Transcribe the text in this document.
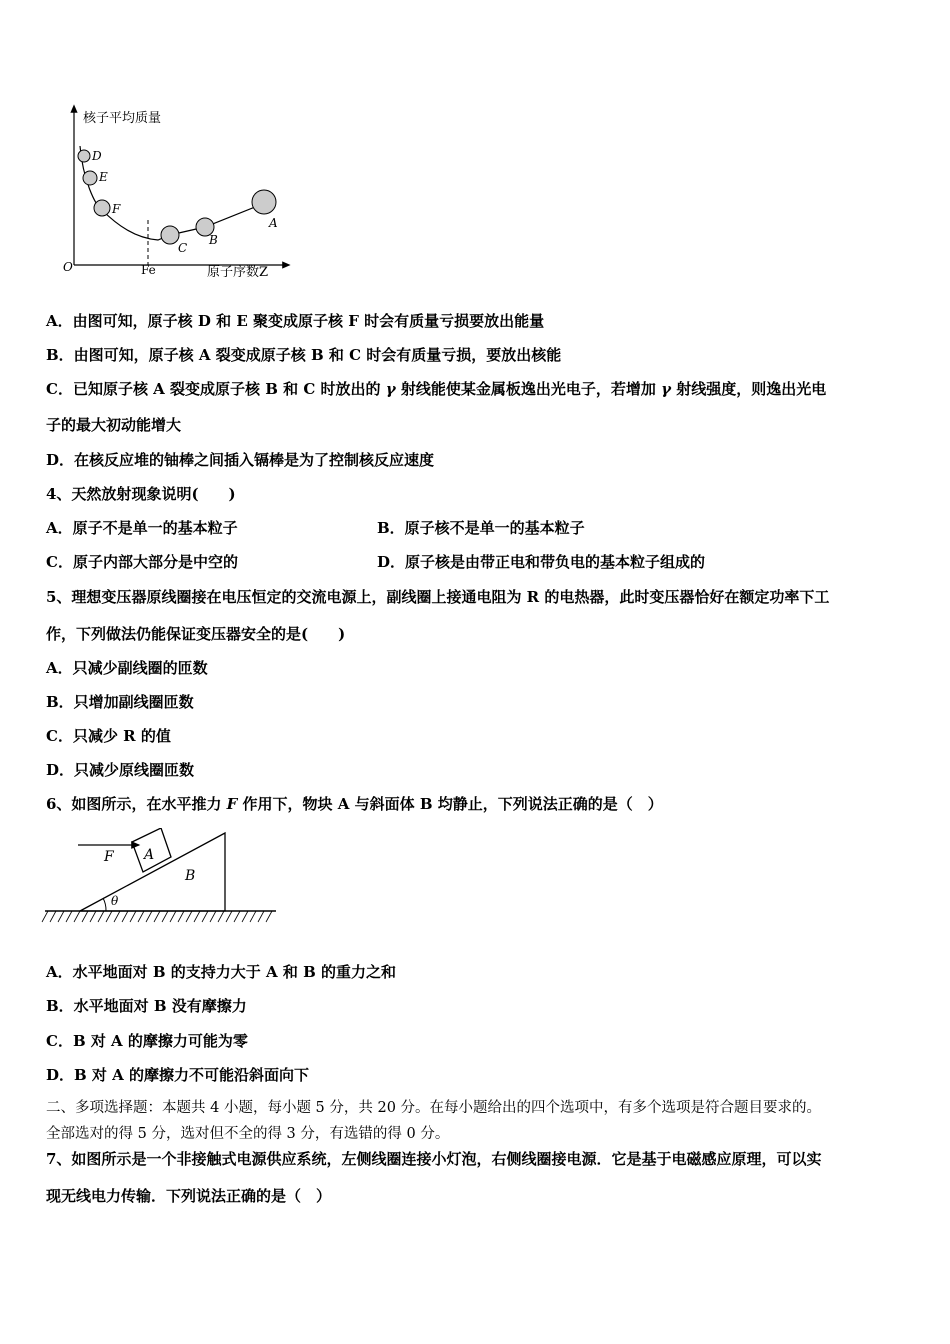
核子平均质量
O	Fe	原子序数Z
D
E
F
C
B
A
A．由图可知，原子核 D 和 E 聚变成原子核 F 时会有质量亏损要放出能量
B．由图可知，原子核 A 裂变成原子核 B 和 C 时会有质量亏损，要放出核能
C．已知原子核 A 裂变成原子核 B 和 C 时放出的 γ 射线能使某金属板逸出光电子，若增加 γ 射线强度，则逸出光电
子的最大初动能增大
D．在核反应堆的铀棒之间插入镉棒是为了控制核反应速度
4、天然放射现象说明(　　)
A．原子不是单一的基本粒子	B．原子核不是单一的基本粒子
C．原子内部大部分是中空的	D．原子核是由带正电和带负电的基本粒子组成的
5、理想变压器原线圈接在电压恒定的交流电源上，副线圈上接通电阻为 R 的电热器，此时变压器恰好在额定功率下工
作，下列做法仍能保证变压器安全的是(　　)
A．只减少副线圈的匝数
B．只增加副线圈匝数
C．只减少 R 的值
D．只减少原线圈匝数
6、如图所示，在水平推力 F 作用下，物块 A 与斜面体 B 均静止，下列说法正确的是（　）
F A
B
θ
A．水平地面对 B 的支持力大于 A 和 B 的重力之和
B．水平地面对 B 没有摩擦力
C．B 对 A 的摩擦力可能为零
D．B 对 A 的摩擦力不可能沿斜面向下
二、多项选择题：本题共 4 小题，每小题 5 分，共 20 分。在每小题给出的四个选项中，有多个选项是符合题目要求的。
全部选对的得 5 分，选对但不全的得 3 分，有选错的得 0 分。
7、如图所示是一个非接触式电源供应系统，左侧线圈连接小灯泡，右侧线圈接电源．它是基于电磁感应原理，可以实
现无线电力传输．下列说法正确的是（　）
